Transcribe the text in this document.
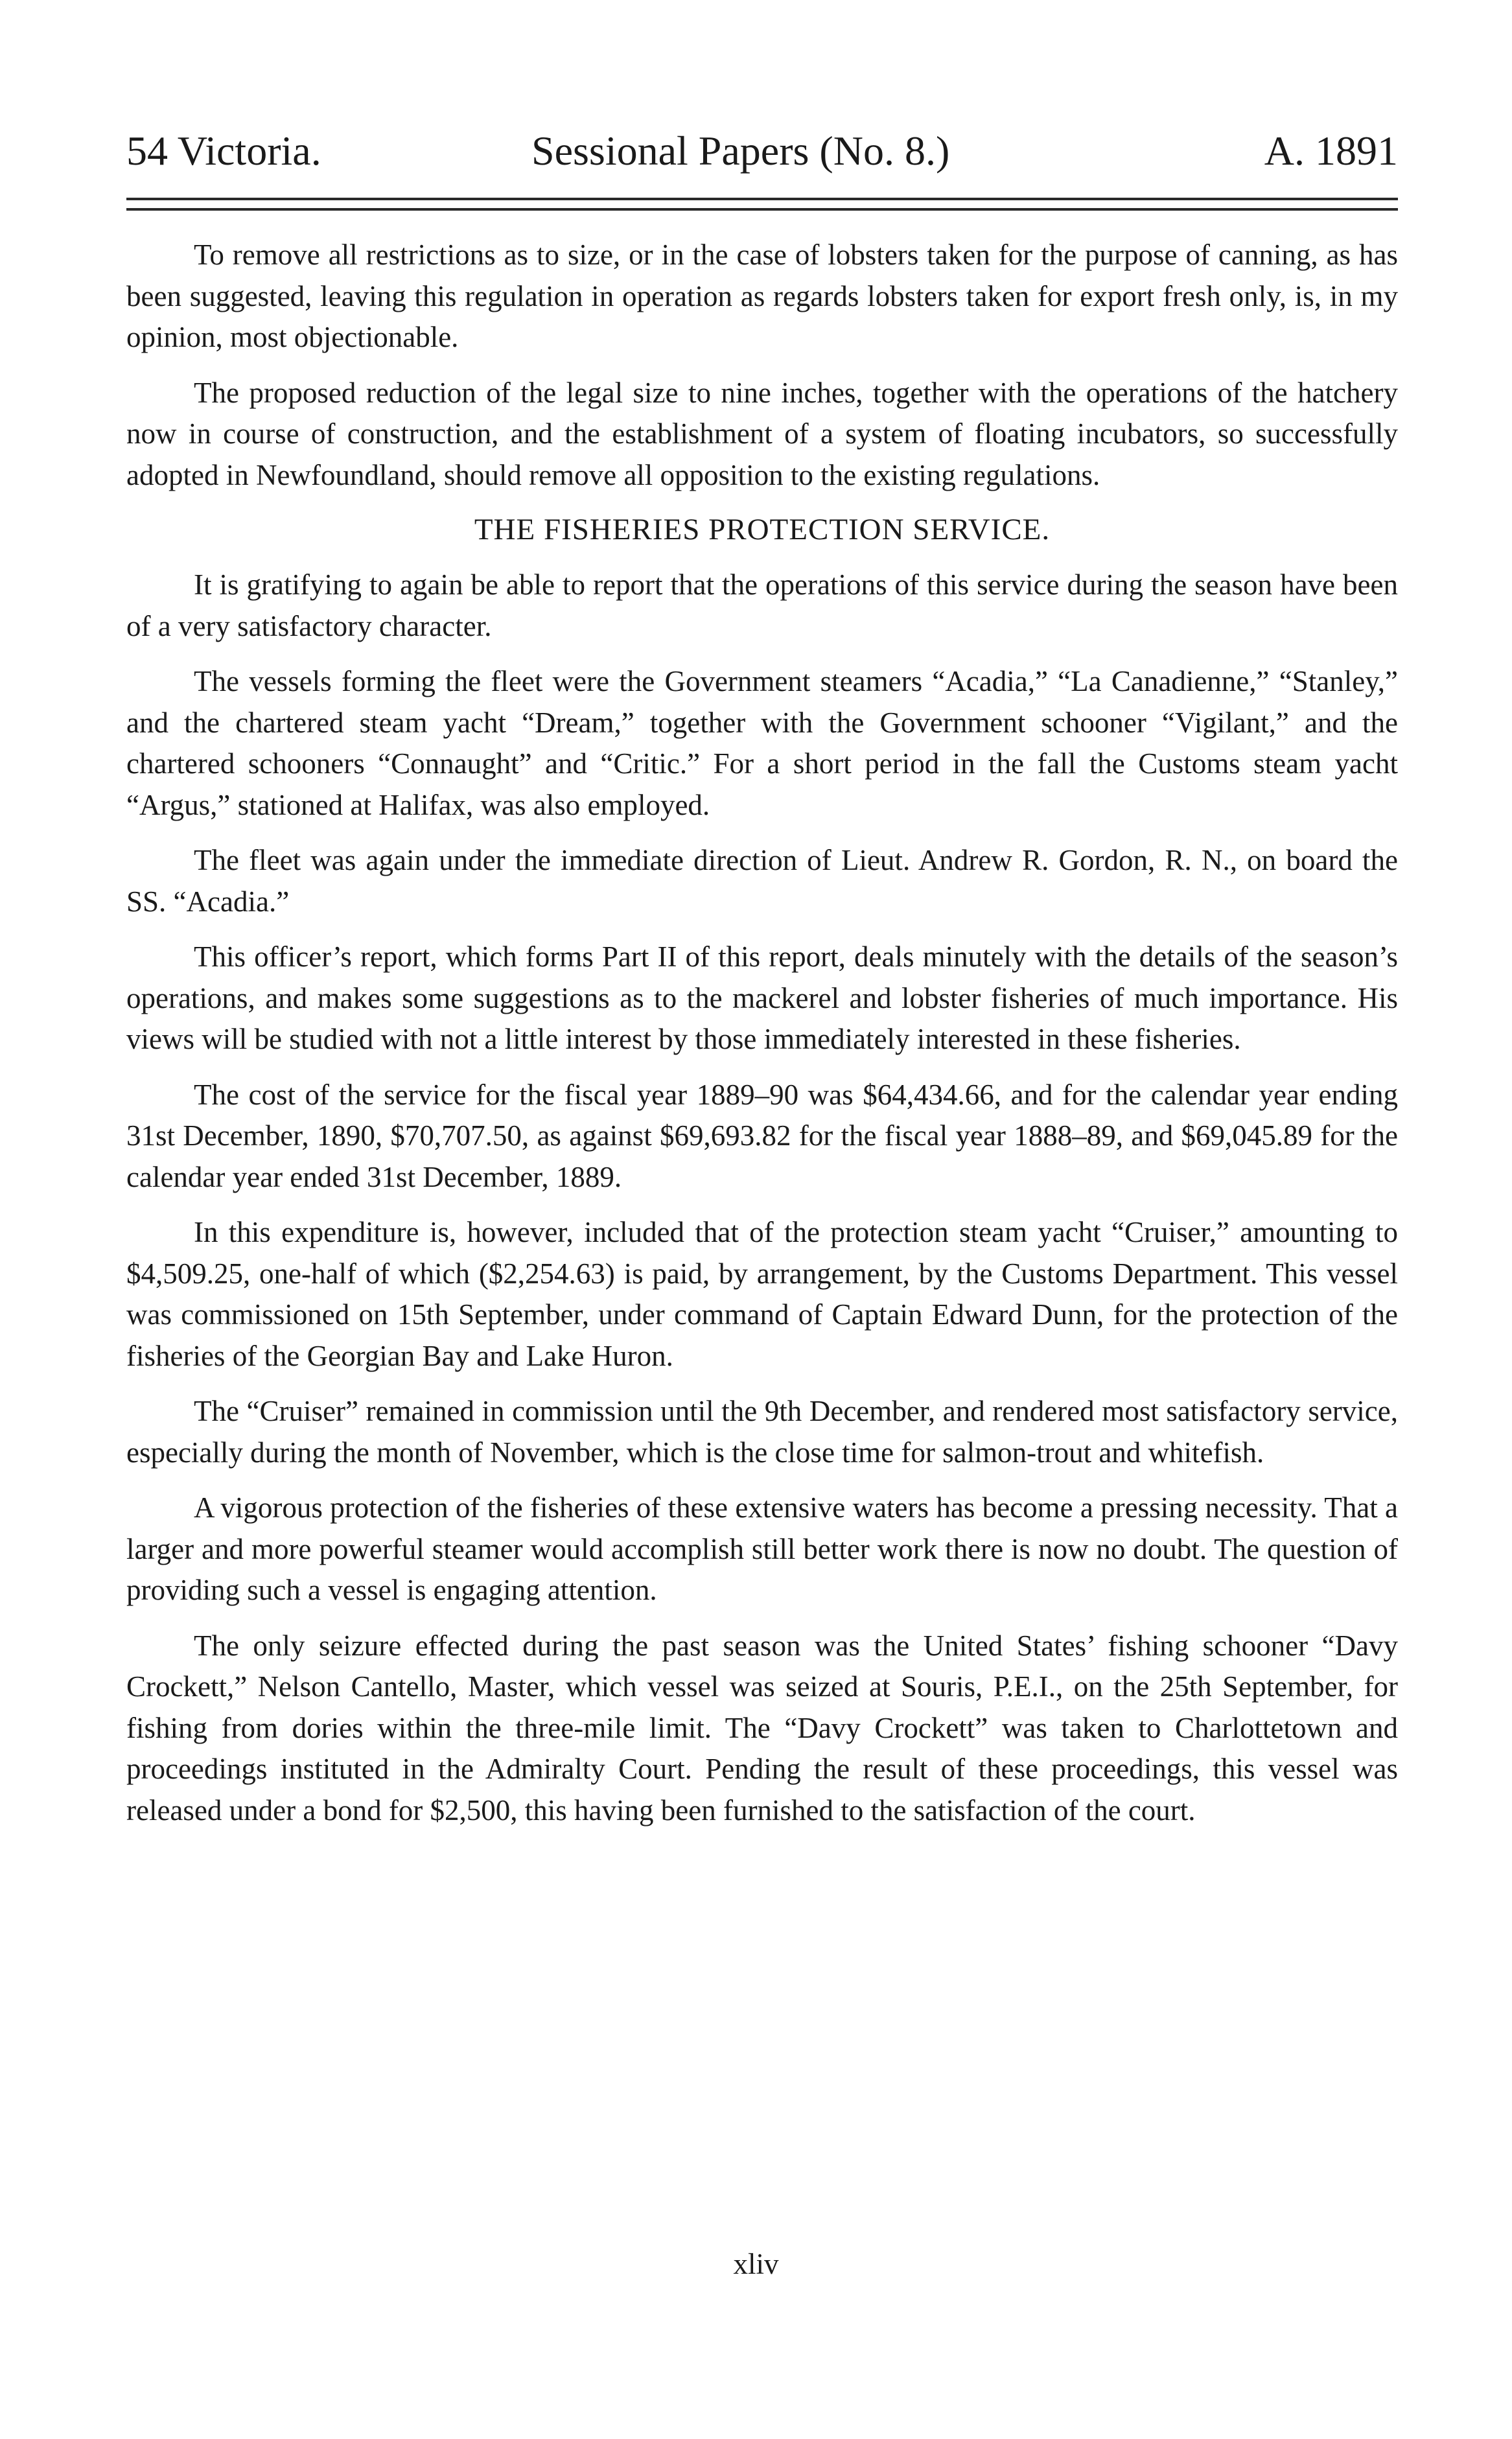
54 Victoria.	Sessional Papers (No. 8.)	A. 1891

To remove all restrictions as to size, or in the case of lobsters taken for the purpose of canning, as has been suggested, leaving this regulation in operation as regards lobsters taken for export fresh only, is, in my opinion, most objectionable.

The proposed reduction of the legal size to nine inches, together with the operations of the hatchery now in course of construction, and the establishment of a system of floating incubators, so successfully adopted in Newfoundland, should remove all opposition to the existing regulations.

THE FISHERIES PROTECTION SERVICE.

It is gratifying to again be able to report that the operations of this service during the season have been of a very satisfactory character.

The vessels forming the fleet were the Government steamers “Acadia,” “La Canadienne,” “Stanley,” and the chartered steam yacht “Dream,” together with the Government schooner “Vigilant,” and the chartered schooners “Connaught” and “Critic.” For a short period in the fall the Customs steam yacht “Argus,” stationed at Halifax, was also employed.

The fleet was again under the immediate direction of Lieut. Andrew R. Gordon, R. N., on board the SS. “Acadia.”

This officer’s report, which forms Part II of this report, deals minutely with the details of the season’s operations, and makes some suggestions as to the mackerel and lobster fisheries of much importance. His views will be studied with not a little interest by those immediately interested in these fisheries.

The cost of the service for the fiscal year 1889–90 was $64,434.66, and for the calendar year ending 31st December, 1890, $70,707.50, as against $69,693.82 for the fiscal year 1888–89, and $69,045.89 for the calendar year ended 31st December, 1889.

In this expenditure is, however, included that of the protection steam yacht “Cruiser,” amounting to $4,509.25, one-half of which ($2,254.63) is paid, by arrangement, by the Customs Department. This vessel was commissioned on 15th September, under command of Captain Edward Dunn, for the protection of the fisheries of the Georgian Bay and Lake Huron.

The “Cruiser” remained in commission until the 9th December, and rendered most satisfactory service, especially during the month of November, which is the close time for salmon-trout and whitefish.

A vigorous protection of the fisheries of these extensive waters has become a pressing necessity. That a larger and more powerful steamer would accomplish still better work there is now no doubt. The question of providing such a vessel is engaging attention.

The only seizure effected during the past season was the United States’ fishing schooner “Davy Crockett,” Nelson Cantello, Master, which vessel was seized at Souris, P.E.I., on the 25th September, for fishing from dories within the three-mile limit. The “Davy Crockett” was taken to Charlottetown and proceedings instituted in the Admiralty Court. Pending the result of these proceedings, this vessel was released under a bond for $2,500, this having been furnished to the satisfaction of the court.

xliv
